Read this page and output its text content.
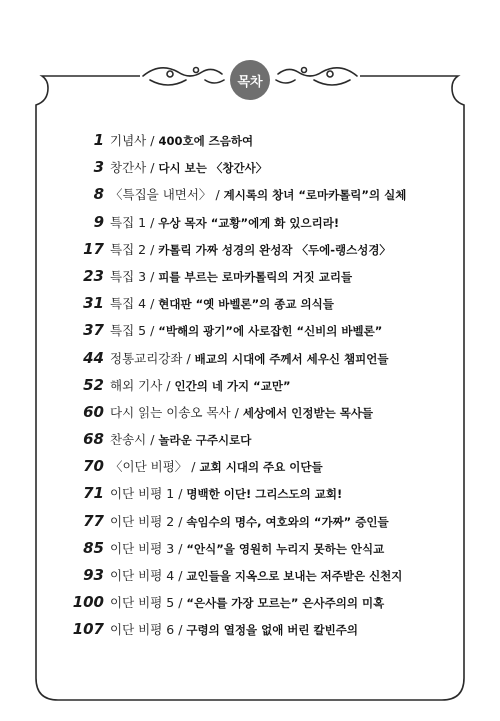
목차
1 기념사 / 400호에 즈음하여
3 창간사 / 다시 보는 〈창간사〉
8 〈특집을 내면서〉 / 계시록의 창녀 “로마카톨릭”의 실체
9 특집 1 / 우상 목자 “교황”에게 화 있으리라!
17 특집 2 / 카톨릭 가짜 성경의 완성작 〈두에-랭스성경〉
23 특집 3 / 피를 부르는 로마카톨릭의 거짓 교리들
31 특집 4 / 현대판 “옛 바벨론”의 종교 의식들
37 특집 5 / “박해의 광기”에 사로잡힌 “신비의 바벨론”
44 정통교리강좌 / 배교의 시대에 주께서 세우신 챔피언들
52 해외 기사 / 인간의 네 가지 “교만”
60 다시 읽는 이송오 목사 / 세상에서 인정받는 목사들
68 찬송시 / 놀라운 구주시로다
70 〈이단 비평〉 / 교회 시대의 주요 이단들
71 이단 비평 1 / 명백한 이단! 그리스도의 교회!
77 이단 비평 2 / 속임수의 명수, 여호와의 “가짜” 증인들
85 이단 비평 3 / “안식”을 영원히 누리지 못하는 안식교
93 이단 비평 4 / 교인들을 지옥으로 보내는 저주받은 신천지
100 이단 비평 5 / “은사를 가장 모르는” 은사주의의 미혹
107 이단 비평 6 / 구령의 열정을 없애 버린 칼빈주의
